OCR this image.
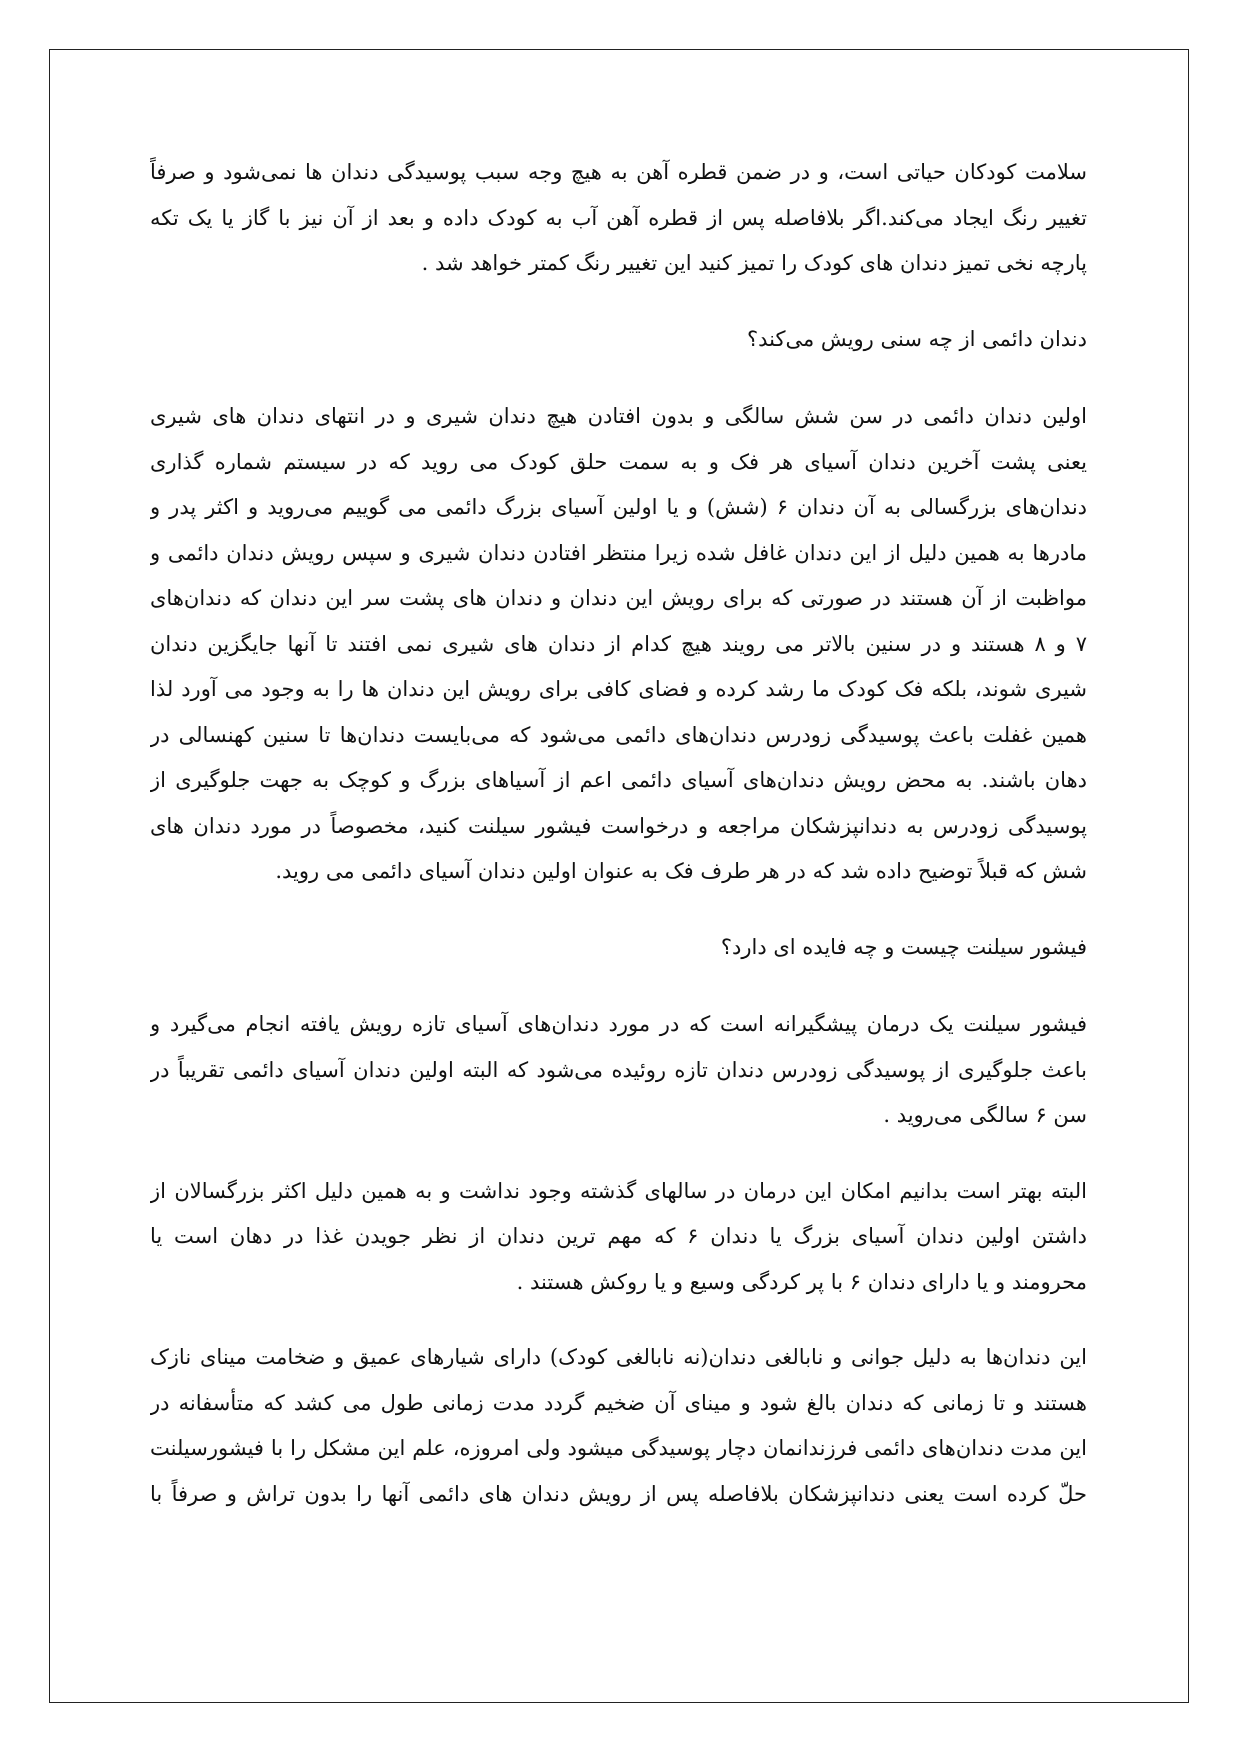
سلامت کودکان حیاتی است، و در ضمن قطره آهن به هیچ وجه سبب پوسیدگی دندان ها نمی‌شود و صرفاً
تغییر رنگ ایجاد می‌کند.اگر بلافاصله پس از قطره آهن آب به کودک داده و بعد از آن نیز با گاز یا یک تکه
پارچه نخی تمیز دندان های کودک را تمیز کنید این تغییر رنگ کمتر خواهد شد .

دندان دائمی از چه سنی رویش می‌کند؟

اولین دندان دائمی در سن شش سالگی و بدون افتادن هیچ دندان شیری و در انتهای دندان های شیری
یعنی پشت آخرین دندان آسیای هر فک و به سمت حلق کودک می روید که در سیستم شماره گذاری
دندان‌های بزرگسالی به آن دندان ۶ (شش) و یا اولین آسیای بزرگ دائمی می گوییم می‌روید و اکثر پدر و
مادرها به همین دلیل از این دندان غافل شده زیرا منتظر افتادن دندان شیری و سپس رویش دندان دائمی و
مواظبت از آن هستند در صورتی که برای رویش این دندان و دندان های پشت سر این دندان که دندان‌های
۷ و ۸ هستند و در سنین بالاتر می رویند هیچ کدام از دندان های شیری نمی افتند تا آنها جایگزین دندان
شیری شوند، بلکه فک کودک ما رشد کرده و فضای کافی برای رویش این دندان ها را به وجود می آورد لذا
همین غفلت باعث پوسیدگی زودرس دندان‌های دائمی می‌شود که می‌بایست دندان‌ها تا سنین کهنسالی در
دهان باشند. به محض رویش دندان‌های آسیای دائمی اعم از آسیاهای بزرگ و کوچک به جهت جلوگیری از
پوسیدگی زودرس به دندانپزشکان مراجعه و درخواست فیشور سیلنت کنید، مخصوصاً در مورد دندان های
شش که قبلاً توضیح داده شد که در هر طرف فک به عنوان اولین دندان آسیای دائمی می روید.

فیشور سیلنت چیست و چه فایده ای دارد؟

فیشور سیلنت یک درمان پیشگیرانه است که در مورد دندان‌های آسیای تازه رویش یافته انجام می‌گیرد و
باعث جلوگیری از پوسیدگی زودرس دندان تازه روئیده می‌شود که البته اولین دندان آسیای دائمی تقریباً در
سن ۶ سالگی می‌روید .

البته بهتر است بدانیم امکان این درمان در سالهای گذشته وجود نداشت و به همین دلیل اکثر بزرگسالان از
داشتن اولین دندان آسیای بزرگ یا دندان ۶ که مهم ترین دندان از نظر جویدن غذا در دهان است یا
محرومند و یا دارای دندان ۶ با پر کردگی وسیع و یا روکش هستند .

این دندان‌ها به دلیل جوانی و نابالغی دندان(نه نابالغی کودک) دارای شیارهای عمیق و ضخامت مینای نازک
هستند و تا زمانی که دندان بالغ شود و مینای آن ضخیم گردد مدت زمانی طول می کشد که متأسفانه در
این مدت دندان‌های دائمی فرزندانمان دچار پوسیدگی میشود ولی امروزه، علم این مشکل را با فیشورسیلنت
حلّ کرده است یعنی دندانپزشکان بلافاصله پس از رویش دندان های دائمی آنها را بدون تراش و صرفاً با
